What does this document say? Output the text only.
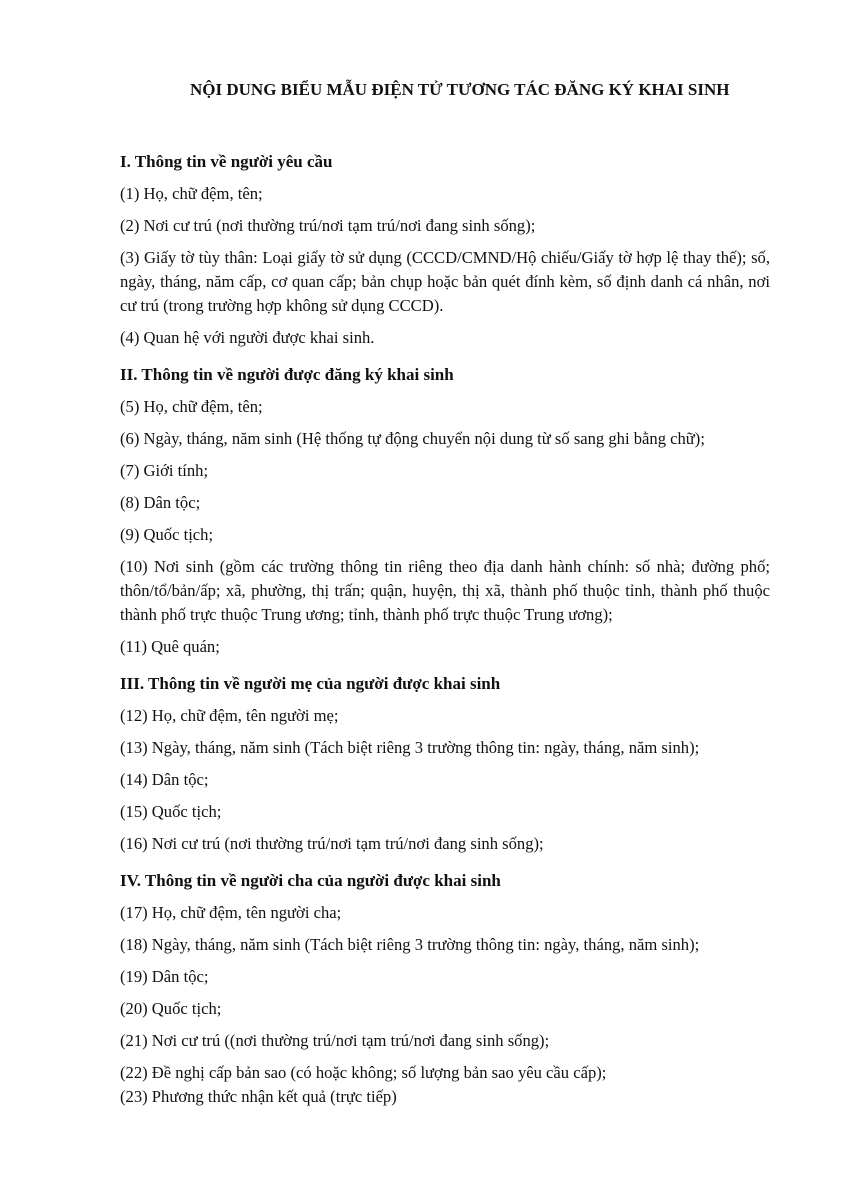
NỘI DUNG BIỂU MẪU ĐIỆN TỬ TƯƠNG TÁC ĐĂNG KÝ KHAI SINH
I. Thông tin về người yêu cầu

(1) Họ, chữ đệm, tên;

(2) Nơi cư trú (nơi thường trú/nơi tạm trú/nơi đang sinh sống);

(3) Giấy tờ tùy thân: Loại giấy tờ sử dụng (CCCD/CMND/Hộ chiếu/Giấy tờ hợp lệ thay thế); số, ngày, tháng, năm cấp, cơ quan cấp; bản chụp hoặc bản quét đính kèm, số định danh cá nhân, nơi cư trú (trong trường hợp không sử dụng CCCD).

(4) Quan hệ với người được khai sinh.

II. Thông tin về người được đăng ký khai sinh

(5) Họ, chữ đệm, tên;

(6) Ngày, tháng, năm sinh (Hệ thống tự động chuyển nội dung từ số sang ghi bằng chữ);

(7) Giới tính;

(8) Dân tộc;

(9) Quốc tịch;

(10) Nơi sinh (gồm các trường thông tin riêng theo địa danh hành chính: số nhà; đường phố; thôn/tổ/bản/ấp; xã, phường, thị trấn; quận, huyện, thị xã, thành phố thuộc tỉnh, thành phố thuộc thành phố trực thuộc Trung ương; tỉnh, thành phố trực thuộc Trung ương);

(11) Quê quán;

III. Thông tin về người mẹ của người được khai sinh

(12) Họ, chữ đệm, tên người mẹ;

(13) Ngày, tháng, năm sinh (Tách biệt riêng 3 trường thông tin: ngày, tháng, năm sinh);

(14) Dân tộc;

(15) Quốc tịch;

(16) Nơi cư trú (nơi thường trú/nơi tạm trú/nơi đang sinh sống);

IV. Thông tin về người cha của người được khai sinh

(17) Họ, chữ đệm, tên người cha;

(18) Ngày, tháng, năm sinh (Tách biệt riêng 3 trường thông tin: ngày, tháng, năm sinh);

(19) Dân tộc;

(20) Quốc tịch;

(21) Nơi cư trú ((nơi thường trú/nơi tạm trú/nơi đang sinh sống);

(22) Đề nghị cấp bản sao (có hoặc không; số lượng bản sao yêu cầu cấp);

(23) Phương thức nhận kết quả (trực tiếp)
